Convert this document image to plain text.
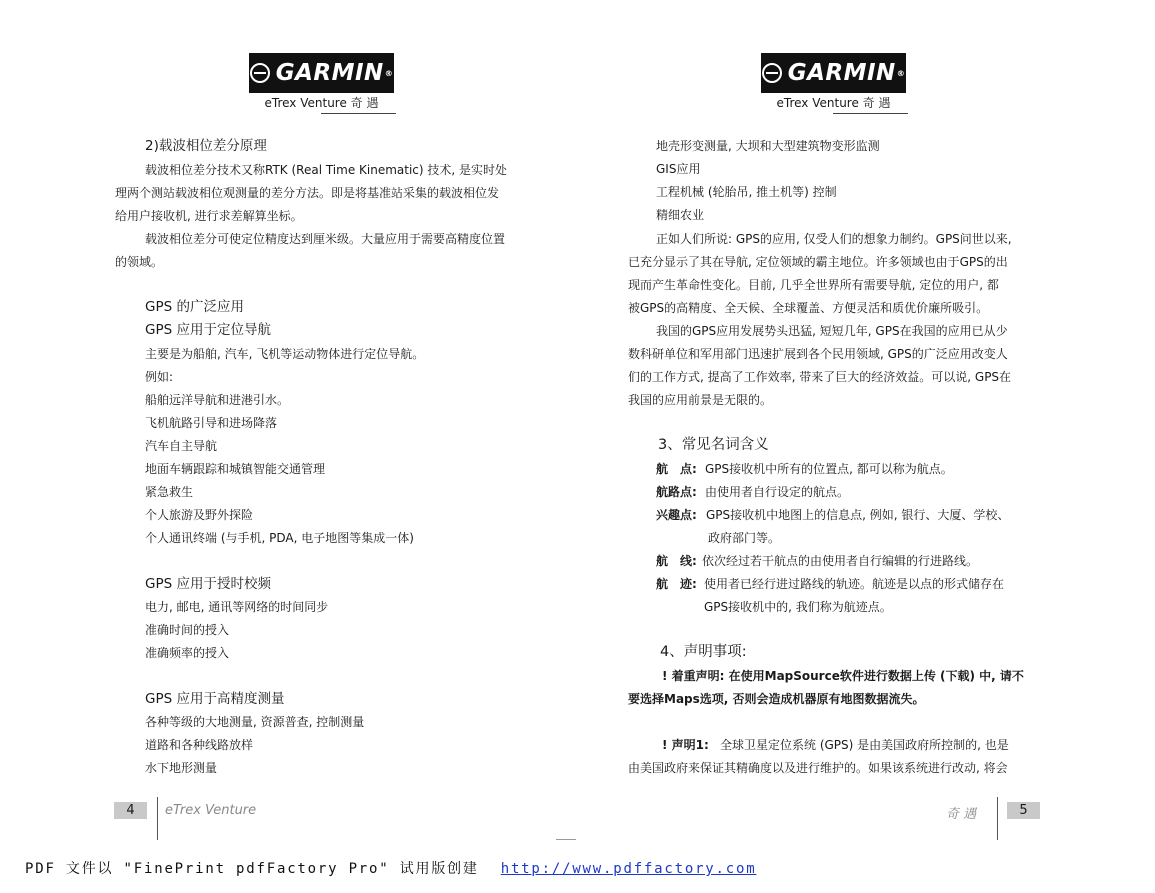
GARMIN ®
eTrex Venture 奇 遇
2)载波相位差分原理
载波相位差分技术又称RTK (Real Time Kinematic) 技术, 是实时处
理两个测站载波相位观测量的差分方法。即是将基准站采集的载波相位发
给用户接收机, 进行求差解算坐标。
载波相位差分可使定位精度达到厘米级。大量应用于需要高精度位置
的领域。
GPS 的广泛应用
GPS 应用于定位导航
主要是为船舶, 汽车, 飞机等运动物体进行定位导航。
例如:
船舶远洋导航和进港引水。
飞机航路引导和进场降落
汽车自主导航
地面车辆跟踪和城镇智能交通管理
紧急救生
个人旅游及野外探险
个人通讯终端 (与手机, PDA, 电子地图等集成一体)
GPS 应用于授时校频
电力, 邮电, 通讯等网络的时间同步
准确时间的授入
准确频率的授入
GPS 应用于高精度测量
各种等级的大地测量, 资源普查, 控制测量
道路和各种线路放样
水下地形测量
4	eTrex Venture
GARMIN ®
eTrex Venture 奇 遇
地壳形变测量, 大坝和大型建筑物变形监测
GIS应用
工程机械 (轮胎吊, 推土机等) 控制
精细农业
正如人们所说: GPS的应用, 仅受人们的想象力制约。GPS问世以来,
已充分显示了其在导航, 定位领域的霸主地位。许多领域也由于GPS的出
现而产生革命性变化。目前, 几乎全世界所有需要导航, 定位的用户, 都
被GPS的高精度、全天候、全球覆盖、方便灵活和质优价廉所吸引。
我国的GPS应用发展势头迅猛, 短短几年, GPS在我国的应用已从少
数科研单位和军用部门迅速扩展到各个民用领域, GPS的广泛应用改变人
们的工作方式, 提高了工作效率, 带来了巨大的经济效益。可以说, GPS在
我国的应用前景是无限的。
3、常见名词含义
航　点: GPS接收机中所有的位置点, 都可以称为航点。
航路点: 由使用者自行设定的航点。
兴趣点: GPS接收机中地图上的信息点, 例如, 银行、大厦、学校、
政府部门等。
航　线: 依次经过若干航点的由使用者自行编辑的行进路线。
航　迹: 使用者已经行进过路线的轨迹。航迹是以点的形式储存在
GPS接收机中的, 我们称为航迹点。
4、声明事项:
! 着重声明: 在使用MapSource软件进行数据上传 (下载) 中, 请不
要选择Maps选项, 否则会造成机器原有地图数据流失。
! 声明1: 全球卫星定位系统 (GPS) 是由美国政府所控制的, 也是
由美国政府来保证其精确度以及进行维护的。如果该系统进行改动, 将会
奇 遇	5
PDF 文件以 "FinePrint pdfFactory Pro" 试用版创建 http://www.pdffactory.com
